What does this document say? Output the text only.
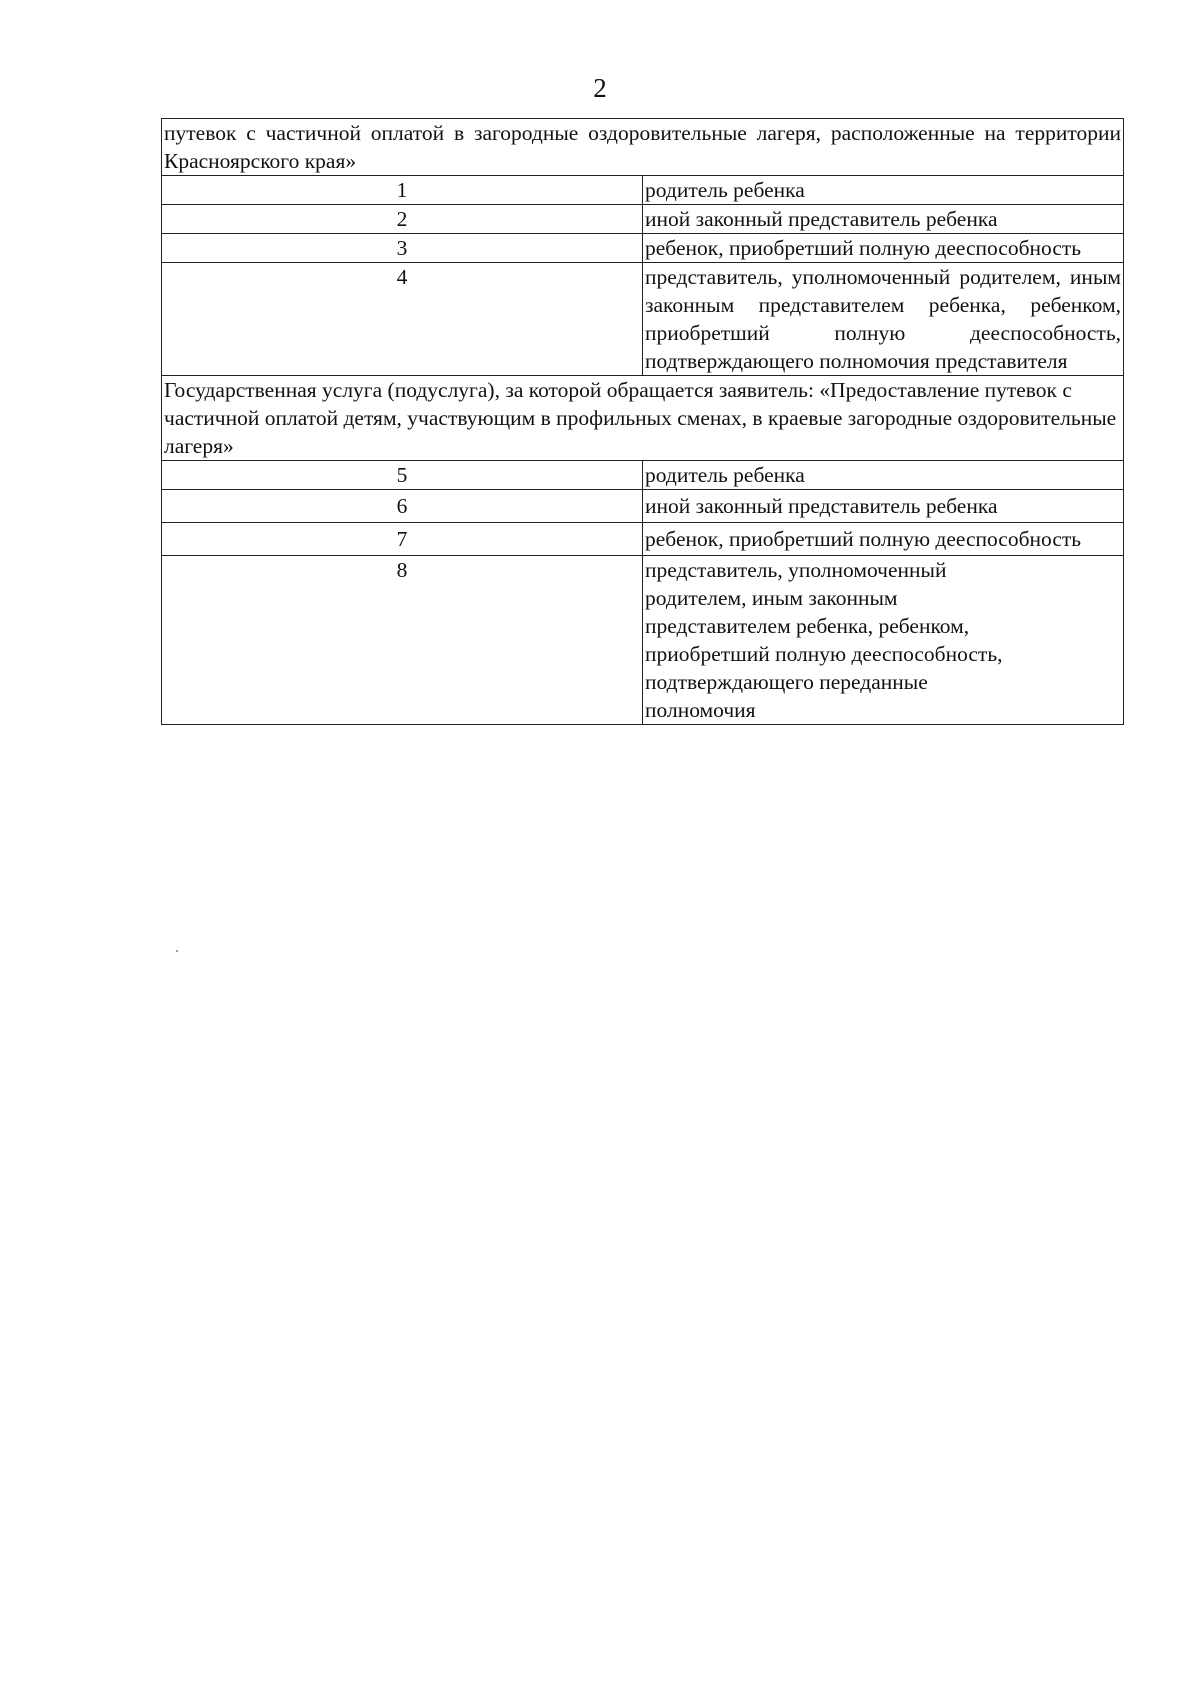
2
путевок с частичной оплатой в загородные оздоровительные лагеря, расположенные на территории Красноярского края»	
1	родитель ребенка
2	иной законный представитель ребенка
3	ребенок, приобретший полную дееспособность
4	представитель, уполномоченный родителем, иным законным представителем ребенка, ребенком, приобретший полную дееспособность, подтверждающего полномочия представителя
Государственная услуга (подуслуга), за которой обращается заявитель: «Предоставление путевок с частичной оплатой детям, участвующим в профильных сменах, в краевые загородные оздоровительные лагеря»	
5	родитель ребенка
6	иной законный представитель ребенка
7	ребенок, приобретший полную дееспособность
8	представитель, уполномоченный родителем, иным законным представителем ребенка, ребенком, приобретший полную дееспособность, подтверждающего переданные полномочия
